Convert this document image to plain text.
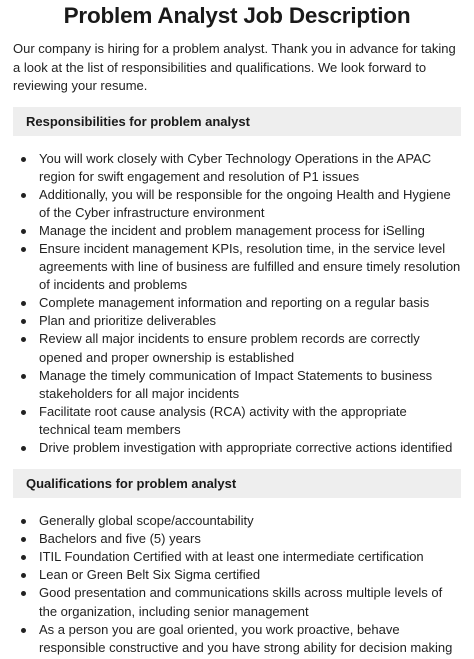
Problem Analyst Job Description

Our company is hiring for a problem analyst. Thank you in advance for taking a look at the list of responsibilities and qualifications. We look forward to reviewing your resume.

Responsibilities for problem analyst
You will work closely with Cyber Technology Operations in the APAC region for swift engagement and resolution of P1 issues
Additionally, you will be responsible for the ongoing Health and Hygiene of the Cyber infrastructure environment
Manage the incident and problem management process for iSelling
Ensure incident management KPIs, resolution time, in the service level agreements with line of business are fulfilled and ensure timely resolution of incidents and problems
Complete management information and reporting on a regular basis
Plan and prioritize deliverables
Review all major incidents to ensure problem records are correctly opened and proper ownership is established
Manage the timely communication of Impact Statements to business stakeholders for all major incidents
Facilitate root cause analysis (RCA) activity with the appropriate technical team members
Drive problem investigation with appropriate corrective actions identified
Qualifications for problem analyst
Generally global scope/accountability
Bachelors and five (5) years
ITIL Foundation Certified with at least one intermediate certification
Lean or Green Belt Six Sigma certified
Good presentation and communications skills across multiple levels of the organization, including senior management
As a person you are goal oriented, you work proactive, behave responsible constructive and you have strong ability for decision making
